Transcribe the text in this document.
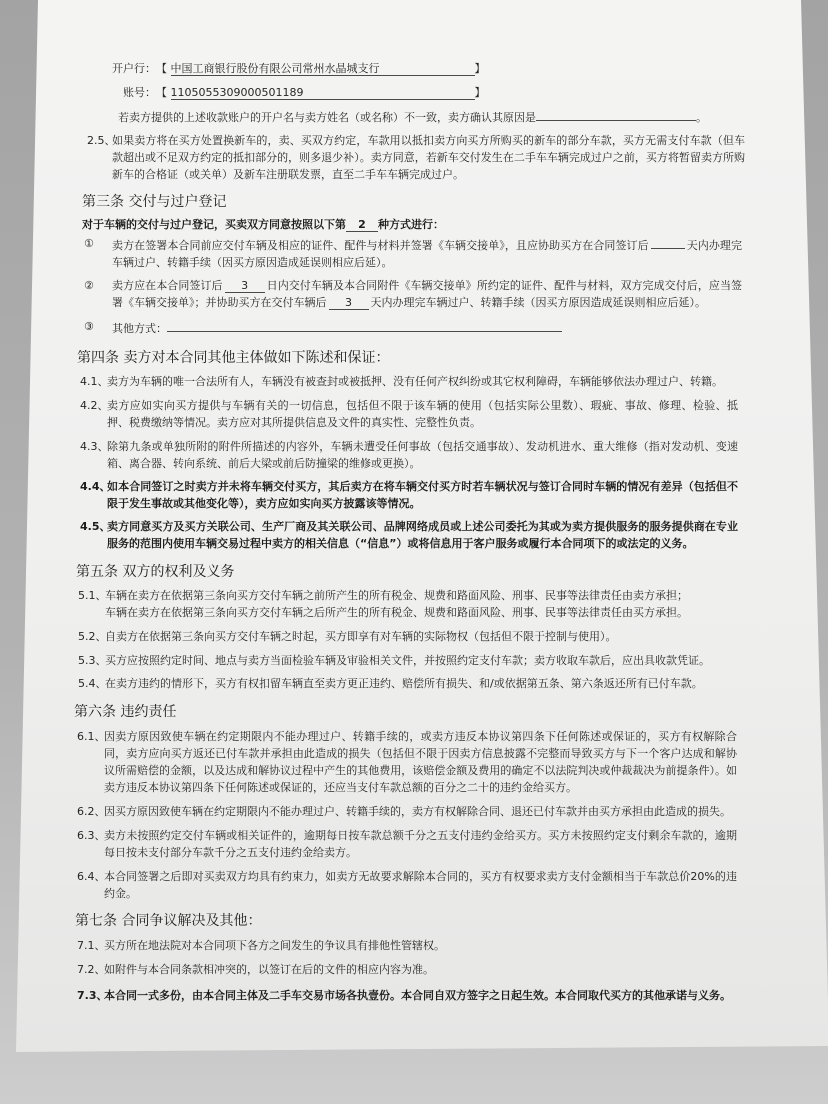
开户行：【 中国工商银行股份有限公司常州水晶城支行	】
账号：【 1105055309000501189	】
若卖方提供的上述收款账户的开户名与卖方姓名（或名称）不一致，卖方确认其原因是	。
2.5、
如果卖方将在买方处置换新车的，卖、买双方约定，车款用以抵扣卖方向买方所购买的新车的部分车款，买方无需支付车款（但车款超出或不足双方约定的抵扣部分的，则多退少补）。卖方同意，若新车交付发生在二手车车辆完成过户之前，买方将暂留卖方所购新车的合格证（或关单）及新车注册联发票，直至二手车车辆完成过户。
第三条 交付与过户登记
对于车辆的交付与过户登记，买卖双方同意按照以下第 2 种方式进行：
①	卖方在签署本合同前应交付车辆及相应的证件、配件与材料并签署《车辆交接单》，且应协助买方在合同签订后	天内办理完车辆过户、转籍手续（因买方原因造成延误则相应后延）。
②	卖方应在本合同签订后 3 日内交付车辆及本合同附件《车辆交接单》所约定的证件、配件与材料，双方完成交付后，应当签署《车辆交接单》；并协助买方在交付车辆后 3 天内办理完车辆过户、转籍手续（因买方原因造成延误则相应后延）。
③	其他方式：
第四条 卖方对本合同其他主体做如下陈述和保证：
4.1、
卖方为车辆的唯一合法所有人，车辆没有被查封或被抵押、没有任何产权纠纷或其它权利障碍，车辆能够依法办理过户、转籍。
4.2、
卖方应如实向买方提供与车辆有关的一切信息，包括但不限于该车辆的使用（包括实际公里数）、瑕疵、事故、修理、检验、抵押、税费缴纳等情况。卖方应对其所提供信息及文件的真实性、完整性负责。
4.3、
除第九条或单独所附的附件所描述的内容外，车辆未遭受任何事故（包括交通事故）、发动机进水、重大维修（指对发动机、变速箱、离合器、转向系统、前后大梁或前后防撞梁的维修或更换）。
4.4、
如本合同签订之时卖方并未将车辆交付买方，其后卖方在将车辆交付买方时若车辆状况与签订合同时车辆的情况有差异（包括但不限于发生事故或其他变化等），卖方应如实向买方披露该等情况。
4.5、
卖方同意买方及买方关联公司、生产厂商及其关联公司、品牌网络成员或上述公司委托为其或为卖方提供服务的服务提供商在专业服务的范围内使用车辆交易过程中卖方的相关信息（“信息”）或将信息用于客户服务或履行本合同项下的或法定的义务。
第五条 双方的权利及义务
5.1、
车辆在卖方在依据第三条向买方交付车辆之前所产生的所有税金、规费和路面风险、刑事、民事等法律责任由卖方承担；
车辆在卖方在依据第三条向买方交付车辆之后所产生的所有税金、规费和路面风险、刑事、民事等法律责任由买方承担。
5.2、
自卖方在依据第三条向买方交付车辆之时起，买方即享有对车辆的实际物权（包括但不限于控制与使用）。
5.3、
买方应按照约定时间、地点与卖方当面检验车辆及审验相关文件，并按照约定支付车款；卖方收取车款后，应出具收款凭证。
5.4、
在卖方违约的情形下，买方有权扣留车辆直至卖方更正违约、赔偿所有损失、和/或依据第五条、第六条返还所有已付车款。
第六条 违约责任
6.1、
因卖方原因致使车辆在约定期限内不能办理过户、转籍手续的，或卖方违反本协议第四条下任何陈述或保证的，买方有权解除合同，卖方应向买方返还已付车款并承担由此造成的损失（包括但不限于因卖方信息披露不完整而导致买方与下一个客户达成和解协议所需赔偿的金额，以及达成和解协议过程中产生的其他费用，该赔偿金额及费用的确定不以法院判决或仲裁裁决为前提条件）。如卖方违反本协议第四条下任何陈述或保证的，还应当支付车款总额的百分之二十的违约金给买方。
6.2、
因买方原因致使车辆在约定期限内不能办理过户、转籍手续的，卖方有权解除合同、退还已付车款并由买方承担由此造成的损失。
6.3、
卖方未按照约定交付车辆或相关证件的，逾期每日按车款总额千分之五支付违约金给买方。买方未按照约定支付剩余车款的，逾期每日按未支付部分车款千分之五支付违约金给卖方。
6.4、
本合同签署之后即对买卖双方均具有约束力，如卖方无故要求解除本合同的，买方有权要求卖方支付金额相当于车款总价20%的违约金。
第七条 合同争议解决及其他：
7.1、
买方所在地法院对本合同项下各方之间发生的争议具有排他性管辖权。
7.2、
如附件与本合同条款相冲突的，以签订在后的文件的相应内容为准。
7.3、
本合同一式多份，由本合同主体及二手车交易市场各执壹份。本合同自双方签字之日起生效。本合同取代买方的其他承诺与义务。
